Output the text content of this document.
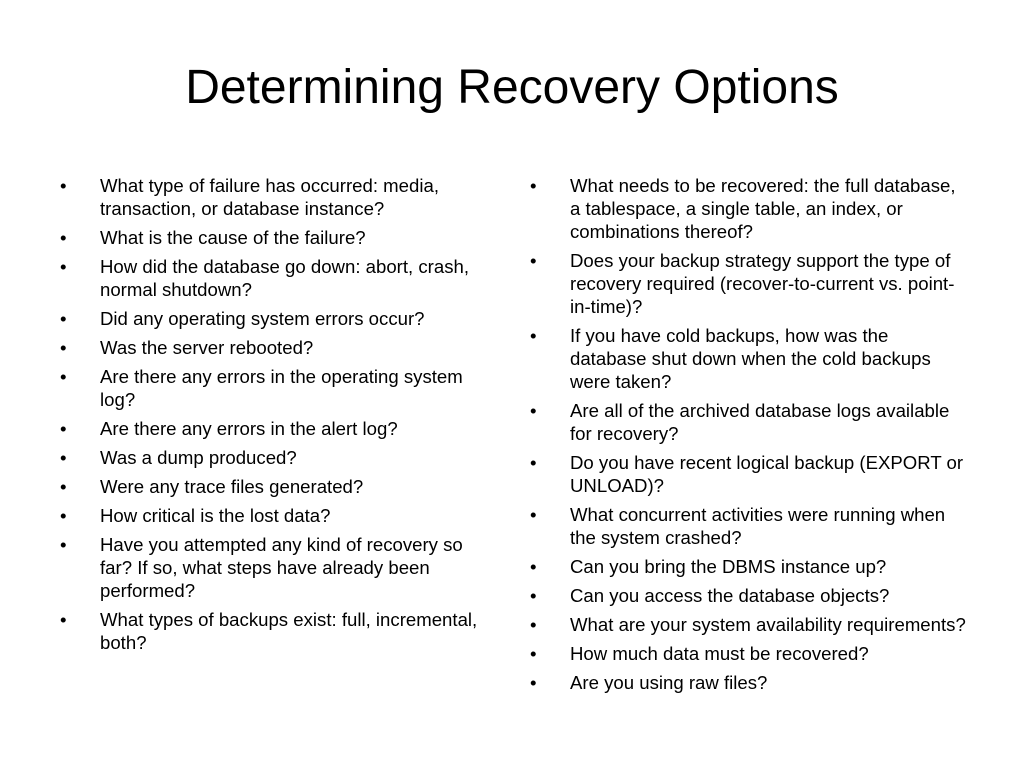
Determining Recovery Options
•	What type of failure has occurred: media, transaction, or database instance?
•	What is the cause of the failure?
•	How did the database go down: abort, crash, normal shutdown?
•	Did any operating system errors occur?
•	Was the server rebooted?
•	Are there any errors in the operating system log?
•	Are there any errors in the alert log?
•	Was a dump produced?
•	Were any trace files generated?
•	How critical is the lost data?
•	Have you attempted any kind of recovery so far? If so, what steps have already been performed?
•	What types of backups exist: full, incremental, both?
•	What needs to be recovered: the full database, a tablespace, a single table, an index, or combinations thereof?
•	Does your backup strategy support the type of recovery required (recover-to-current vs. point-in-time)?
•	If you have cold backups, how was the database shut down when the cold backups were taken?
•	Are all of the archived database logs available for recovery?
•	Do you have recent logical backup (EXPORT or UNLOAD)?
•	What concurrent activities were running when the system crashed?
•	Can you bring the DBMS instance up?
•	Can you access the database objects?
•	What are your system availability requirements?
•	How much data must be recovered?
•	Are you using raw files?
